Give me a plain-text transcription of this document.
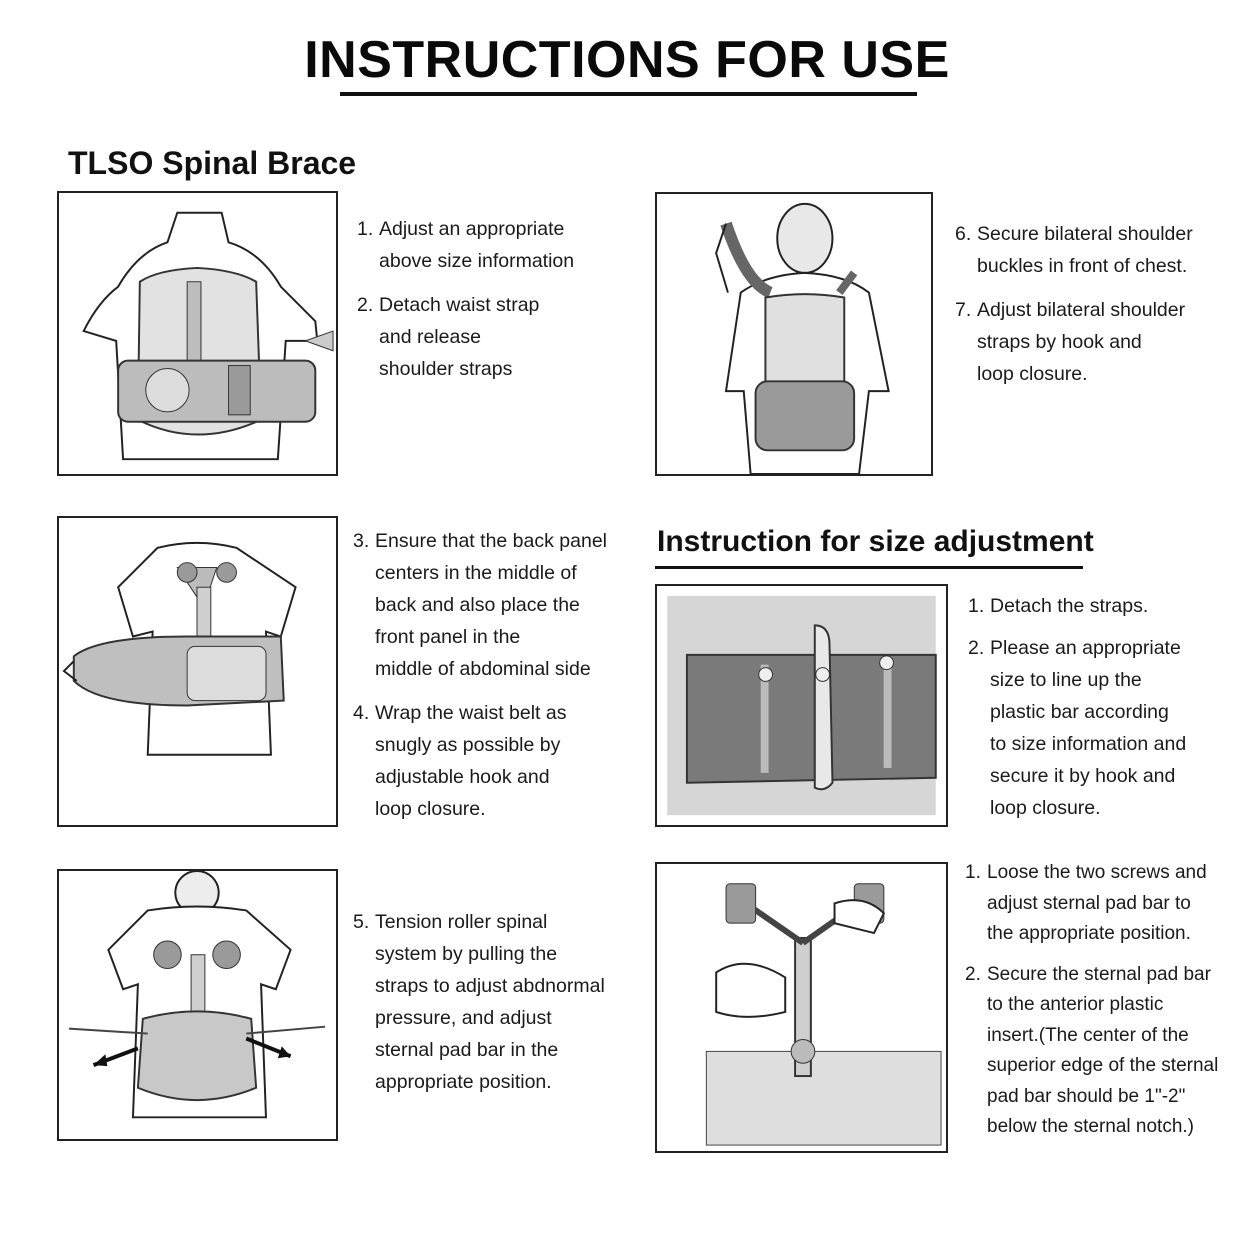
INSTRUCTIONS FOR USE
TLSO Spinal Brace
1. Adjust an appropriate
above size information
2. Detach waist strap
and release
shoulder straps
6. Secure bilateral shoulder
buckles in front of chest.
7. Adjust bilateral shoulder
straps by hook and
loop closure.
3. Ensure that the back panel
centers in the middle of
back and also place the
front panel in the
middle of abdominal side
4. Wrap the waist belt as
snugly as possible by
adjustable hook and
loop closure.
Instruction for size adjustment
1. Detach the straps.
2. Please an appropriate
size to line up the
plastic bar according
to size information and
secure it by hook and
loop closure.
5. Tension roller spinal
system by pulling the
straps to adjust abdnormal
pressure, and adjust
sternal pad bar in the
appropriate position.
1. Loose the two screws and
adjust sternal pad bar to
the appropriate position.
2. Secure the sternal pad bar
to the anterior plastic
insert.(The center of the
superior edge of the sternal
pad bar should be 1"-2"
below the sternal notch.)
